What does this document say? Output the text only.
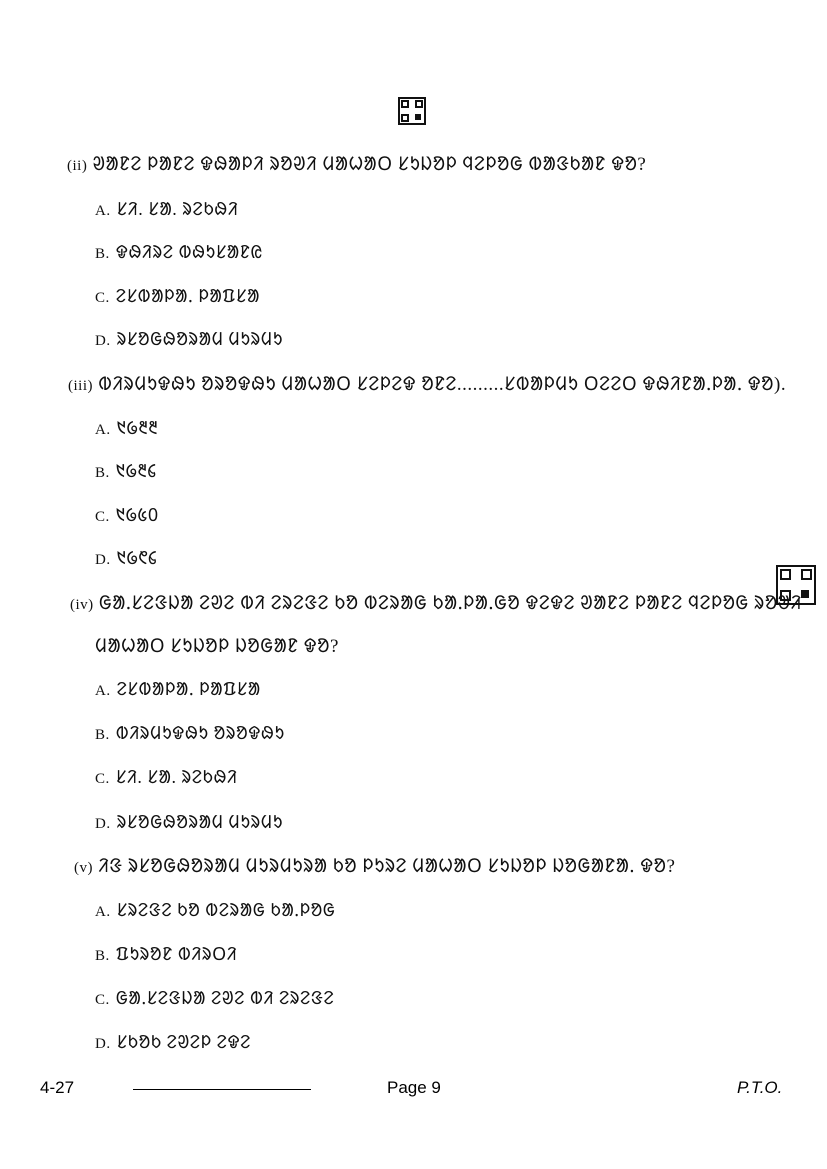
(ii) ᱣᱟᱱᱮ ᱞᱟᱱᱮ ᱫᱷᱟᱞᱤ ᱨᱚᱣᱤ ᱢᱟᱦᱟᱛ ᱥᱩᱡᱚᱞ ᱧᱮᱞᱚᱜ ᱵᱟᱝᱠᱟᱱ ᱫᱚ?
A. ᱥᱤ. ᱥᱟ. ᱨᱮᱠᱷᱤ
B. ᱫᱷᱤᱨᱮ ᱵᱷᱩᱥᱟᱱᱭ
C. ᱮᱥᱵᱟᱞᱟᱹ ᱞᱟᱯᱥᱟ
D. ᱨᱥᱚᱜᱷᱚᱨᱟᱢ ᱢᱩᱨᱢᱩ
(iii) ᱵᱤᱨᱢᱩᱫᱷᱩ ᱚᱨᱚᱫᱷᱩ ᱢᱟᱦᱟᱛ ᱥᱮᱞᱮᱫ ᱚᱱᱮ.........ᱥᱵᱟᱞᱢᱩ ᱛᱮᱮᱛ ᱫᱷᱤᱱᱟᱹᱞᱟᱹ ᱫᱚ).
A. ᱑᱙᱓᱓
B. ᱑᱙᱓᱔
C. ᱑᱙᱕᱐
D. ᱑᱙᱖᱔
(iv) ᱜᱟᱹᱥᱮᱝᱡᱟ ᱮᱣᱮ ᱵᱤ ᱮᱨᱮᱝᱮ ᱠᱚ ᱵᱮᱨᱟᱜ ᱠᱟᱹᱞᱟᱹᱜᱚ ᱫᱮᱫᱮ ᱣᱟᱱᱮ ᱞᱟᱱᱮ ᱧᱮᱞᱚᱜ ᱨᱚᱣᱤ
ᱢᱟᱦᱟᱛ ᱥᱩᱡᱚᱞ ᱡᱚᱜᱟᱱ ᱫᱚ?
A. ᱮᱥᱵᱟᱞᱟᱹ ᱞᱟᱯᱥᱟ
B. ᱵᱤᱨᱢᱩᱫᱷᱩ ᱚᱨᱚᱫᱷᱩ
C. ᱥᱤ. ᱥᱟ. ᱨᱮᱠᱷᱤ
D. ᱨᱥᱚᱜᱷᱚᱨᱟᱢ ᱢᱩᱨᱢᱩ
(v) ᱤᱝ ᱨᱥᱚᱜᱷᱚᱨᱟᱢ ᱢᱩᱨᱢᱩᱨᱟ ᱠᱚ ᱞᱩᱨᱮ ᱢᱟᱦᱟᱛ ᱥᱩᱡᱚᱞ ᱡᱚᱜᱟᱱᱟᱹ ᱫᱚ?
A. ᱥᱨᱮᱝᱮ ᱠᱚ ᱵᱮᱨᱟᱜ ᱠᱟᱹᱞᱚᱜ
B. ᱯᱩᱨᱚᱱ ᱵᱤᱨᱛᱤ
C. ᱜᱟᱹᱥᱮᱝᱡᱟ ᱮᱣᱮ ᱵᱤ ᱮᱨᱮᱝᱮ
D. ᱥᱠᱚᱠ ᱮᱣᱮᱞ ᱮᱫᱮ
4-27	Page 9	P.T.O.
